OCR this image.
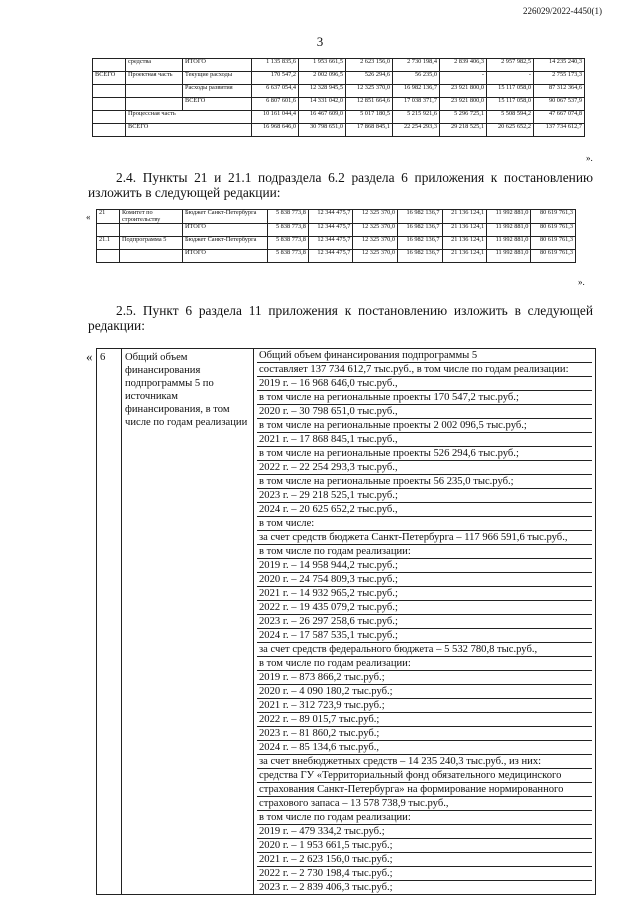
226029/2022-4450(1)
3
	средства	ИТОГО	1 135 835,6	1 953 661,5	2 623 156,0	2 730 198,4	2 839 406,3	2 957 982,5	14 235 240,3
ВСЕГО	Проектная часть	Текущие расходы	170 547,2	2 002 096,5	526 294,6	56 235,0	-	-	2 755 173,3
		Расходы развития	6 637 054,4	12 328 945,5	12 325 370,0	16 982 136,7	23 921 800,0	15 117 058,0	87 312 364,6
		ВСЕГО	6 807 601,6	14 331 042,0	12 851 664,6	17 038 371,7	23 921 800,0	15 117 058,0	90 067 537,9
	Процессная часть		10 161 044,4	16 467 609,0	5 017 180,5	5 215 921,6	5 296 725,1	5 508 594,2	47 667 074,8
	ВСЕГО		16 968 646,0	30 798 651,0	17 868 845,1	22 254 293,3	29 218 525,1	20 625 652,2	137 734 612,7
».
2.4. Пункты 21 и 21.1 подраздела 6.2 раздела 6 приложения к постановлению изложить в следующей редакции:
« 21	Комитет по строительству	Бюджет Санкт-Петербурга	5 838 773,8	12 344 475,7	12 325 370,0	16 982 136,7	21 136 124,1	11 992 881,0	80 619 761,3
		ИТОГО	5 838 773,8	12 344 475,7	12 325 370,0	16 982 136,7	21 136 124,1	11 992 881,0	80 619 761,3
21.1	Подпрограмма 5	Бюджет Санкт-Петербурга	5 838 773,8	12 344 475,7	12 325 370,0	16 982 136,7	21 136 124,1	11 992 881,0	80 619 761,3
		ИТОГО	5 838 773,8	12 344 475,7	12 325 370,0	16 982 136,7	21 136 124,1	11 992 881,0	80 619 761,3
».
2.5. Пункт 6 раздела 11 приложения к постановлению изложить в следующей редакции:
« 6	Общий объем финансирования подпрограммы 5 по источникам финансирования, в том числе по годам реализации	
Общий объем финансирования подпрограммы 5
составляет 137 734 612,7 тыс.руб., в том числе по годам реализации:
2019 г. – 16 968 646,0 тыс.руб.,
в том числе на региональные проекты 170 547,2 тыс.руб.;
2020 г. – 30 798 651,0 тыс.руб.,
в том числе на региональные проекты 2 002 096,5 тыс.руб.;
2021 г. – 17 868 845,1 тыс.руб.,
в том числе на региональные проекты 526 294,6 тыс.руб.;
2022 г. – 22 254 293,3 тыс.руб.,
в том числе на региональные проекты 56 235,0 тыс.руб.;
2023 г. – 29 218 525,1 тыс.руб.;
2024 г. – 20 625 652,2 тыс.руб.,
в том числе:
за счет средств бюджета Санкт-Петербурга – 117 966 591,6 тыс.руб.,
в том числе по годам реализации:
2019 г. – 14 958 944,2 тыс.руб.;
2020 г. – 24 754 809,3 тыс.руб.;
2021 г. – 14 932 965,2 тыс.руб.;
2022 г. – 19 435 079,2 тыс.руб.;
2023 г. – 26 297 258,6 тыс.руб.;
2024 г. – 17 587 535,1 тыс.руб.;
за счет средств федерального бюджета – 5 532 780,8 тыс.руб.,
в том числе по годам реализации:
2019 г. – 873 866,2 тыс.руб.;
2020 г. – 4 090 180,2 тыс.руб.;
2021 г. – 312 723,9 тыс.руб.;
2022 г. – 89 015,7 тыс.руб.;
2023 г. – 81 860,2 тыс.руб.;
2024 г. – 85 134,6 тыс.руб.,
за счет внебюджетных средств – 14 235 240,3 тыс.руб., из них:
средства ГУ «Территориальный фонд обязательного медицинского
страхования Санкт-Петербурга» на формирование нормированного
страхового запаса – 13 578 738,9 тыс.руб.,
в том числе по годам реализации:
2019 г. – 479 334,2 тыс.руб.;
2020 г. – 1 953 661,5 тыс.руб.;
2021 г. – 2 623 156,0 тыс.руб.;
2022 г. – 2 730 198,4 тыс.руб.;
2023 г. – 2 839 406,3 тыс.руб.;
